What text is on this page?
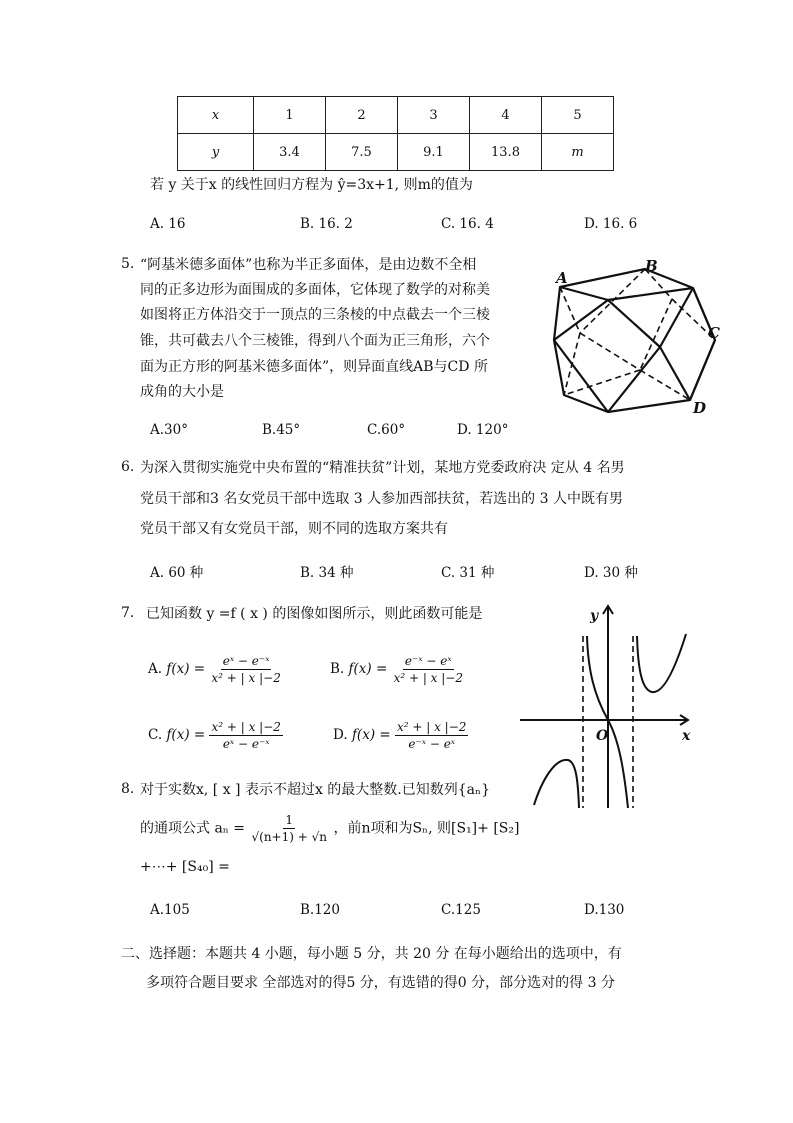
x	1	2	3	4	5
y	3.4	7.5	9.1	13.8	m
若 y 关于x 的线性回归方程为 ŷ=3x+1, 则m的值为
A. 16	B. 16. 2	C. 16. 4	D. 16. 6
5. “阿基米德多面体”也称为半正多面体，是由边数不全相
同的正多边形为面围成的多面体，它体现了数学的对称美
如图将正方体沿交于一顶点的三条棱的中点截去一个三棱
锥，共可截去八个三棱锥，得到八个面为正三角形，六个
面为正方形的阿基米德多面体”，则异面直线AB与CD 所
成角的大小是
A.30°	B.45°	C.60°	D. 120°
A
B
C
D
6. 为深入贯彻实施党中央布置的“精准扶贫”计划，某地方党委政府决 定从 4 名男
党员干部和3 名女党员干部中选取 3 人参加西部扶贫，若选出的 3 人中既有男
党员干部又有女党员干部，则不同的选取方案共有
A. 60 种	B. 34 种	C. 31 种	D. 30 种
7. 已知函数 y =f ( x ) 的图像如图所示，则此函数可能是
A. $f(x) = \frac{\text{eˣ − e⁻ˣ}}{\text{x² + | x |−2}}$	B. $f(x) = \frac{\text{e⁻ˣ − eˣ}}{\text{x² + | x |−2}}$
C. $f(x) = \frac{\text{x² + | x |−2}}{\text{eˣ − e⁻ˣ}}$	D. $f(x) = \frac{\text{x² + | x |−2}}{\text{e⁻ˣ − eˣ}}$
y
x
O
8. 对于实数x, [ x ] 表示不超过x 的最大整数.已知数列{aₙ}
的通项公式 $a_n = \frac{1}{√(n+1) + √n}$ ，前n项和为Sₙ, 则[S₁]+ [S₂]
+⋯+ [S₄₀] =
A.105	B.120	C.125	D.130
二、选择题：本题共 4 小题，每小题 5 分，共 20 分 在每小题给出的选项中，有
多项符合题目要求 全部选对的得5 分，有选错的得0 分，部分选对的得 3 分
